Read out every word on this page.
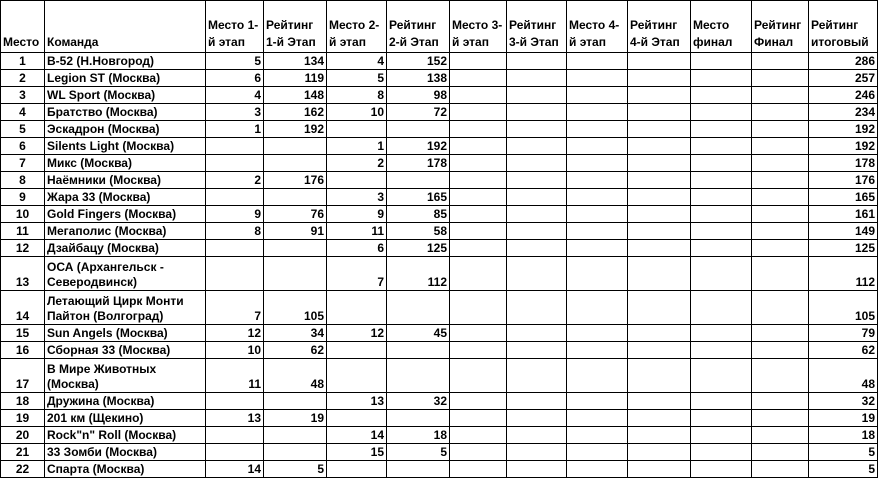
Место	Команда	Место 1-й этап	Рейтинг 1-й Этап	Место 2-й этап	Рейтинг 2-й Этап	Место 3-й этап	Рейтинг 3-й Этап	Место 4-й этап	Рейтинг 4-й Этап	Место финал	Рейтинг Финал	Рейтинг итоговый
1	B-52 (Н.Новгород)	5	134	4	152							286
2	Legion ST (Москва)	6	119	5	138							257
3	WL Sport (Москва)	4	148	8	98							246
4	Братство (Москва)	3	162	10	72							234
5	Эскадрон (Москва)	1	192									192
6	Silents Light (Москва)			1	192							192
7	Микс (Москва)			2	178							178
8	Наёмники (Москва)	2	176									176
9	Жара 33 (Москва)			3	165							165
10	Gold Fingers (Москва)	9	76	9	85							161
11	Мегаполис (Москва)	8	91	11	58							149
12	Дзайбацу (Москва)			6	125							125
13	ОСА (Архангельск - Северодвинск)			7	112							112
14	Летающий Цирк Монти Пайтон (Волгоград)	7	105									105
15	Sun Angels (Москва)	12	34	12	45							79
16	Сборная 33 (Москва)	10	62									62
17	В Мире Животных (Москва)	11	48									48
18	Дружина (Москва)			13	32							32
19	201 км (Щекино)	13	19									19
20	Rock"n" Roll (Москва)			14	18							18
21	33 Зомби (Москва)			15	5							5
22	Спарта (Москва)	14	5									5
